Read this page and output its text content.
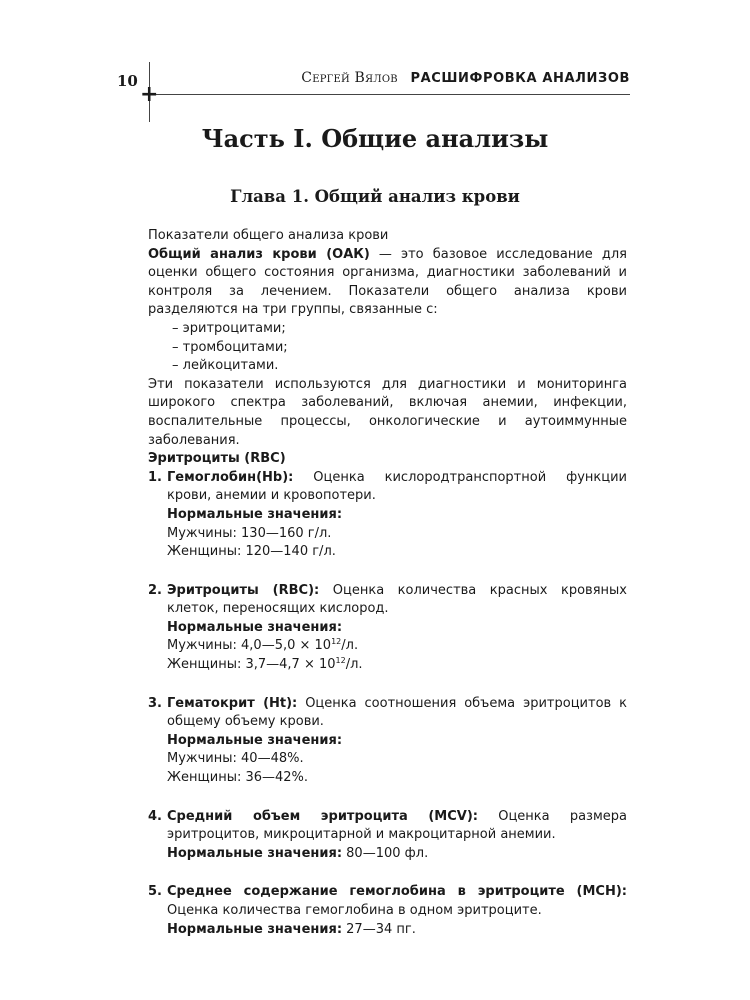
10
+
Сергей Вялов РАСШИФРОВКА АНАЛИЗОВ
Часть I. Общие анализы
Глава 1. Общий анализ крови

Показатели общего анализа крови

Общий анализ крови (ОАК) — это базовое исследование для оценки общего состояния организма, диагностики заболеваний и контроля за лечением. Показатели общего анализа крови разделяются на три группы, связанные с:

– эритроцитами;

– тромбоцитами;

– лейкоцитами.

Эти показатели используются для диагностики и мониторинга широкого спектра заболеваний, включая анемии, инфекции, воспалительные процессы, онкологические и аутоиммунные заболевания.

Эритроциты (RBC)

1. Гемоглобин(Hb): Оценка кислородтранспортной функции крови, анемии и кровопотери.

Нормальные значения:

Мужчины: 130—160 г/л.

Женщины: 120—140 г/л.

2. Эритроциты (RBC): Оценка количества красных кровяных клеток, переносящих кислород.

Нормальные значения:

Мужчины: 4,0—5,0 × $10^{12}/л$.

Женщины: 3,7—4,7 × $10^{12}/л$.

3. Гематокрит (Ht): Оценка соотношения объема эритроцитов к общему объему крови.

Нормальные значения:

Мужчины: 40—48%.

Женщины: 36—42%.

4. Средний объем эритроцита (MCV): Оценка размера эритроцитов, микроцитарной и макроцитарной анемии.

Нормальные значения: 80—100 фл.

5. Среднее содержание гемоглобина в эритроците (MCH): Оценка количества гемоглобина в одном эритроците.

Нормальные значения: 27—34 пг.
